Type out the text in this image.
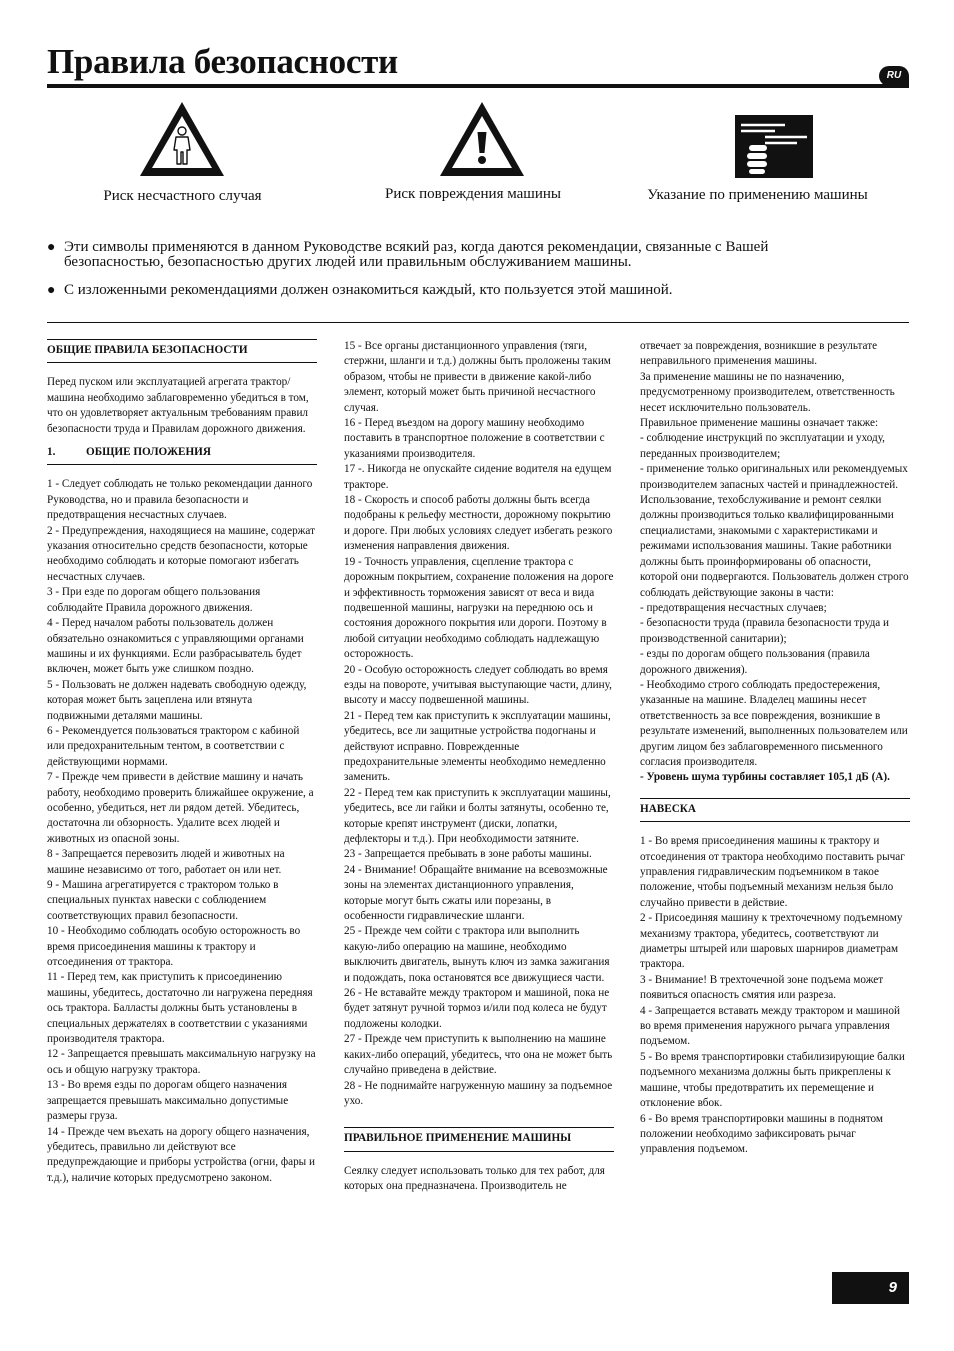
Правила безопасности	RU
Риск несчастного случая	Риск повреждения машины	Указание по применению машины
● Эти символы применяются в данном Руководстве всякий раз, когда даются рекомендации, связанные с Вашей безопасностью, безопасностью других людей или правильным обслуживанием машины.
● С изложенными рекомендациями должен ознакомиться каждый, кто пользуется этой машиной.
ОБЩИЕ ПРАВИЛА БЕЗОПАСНОСТИ

Перед пуском или эксплуатацией агрегата трактор/ машина необходимо заблаговременно убедиться в том, что он удовлетворяет актуальным требованиям правил безопасности труда и Правилам дорожного движения.

1.	ОБЩИЕ ПОЛОЖЕНИЯ

1 - Следует соблюдать не только рекомендации данного Руководства, но и правила безопасности и предотвращения несчастных случаев.

2 - Предупреждения, находящиеся на машине, содержат указания относительно средств безопасности, которые необходимо соблюдать и которые помогают избегать несчастных случаев.

3 - При езде по дорогам общего пользования соблюдайте Правила дорожного движения.

4 - Перед началом работы пользователь должен обязательно ознакомиться с управляющими органами машины и их функциями. Если разбрасыватель будет включен, может быть уже слишком поздно.

5 - Пользовать не должен надевать свободную одежду, которая может быть зацеплена или втянута подвижными деталями машины.

6 - Рекомендуется пользоваться трактором с кабиной или предохранительным тентом, в соответствии с действующими нормами.

7 - Прежде чем привести в действие машину и начать работу, необходимо проверить ближайшее окружение, а особенно, убедиться, нет ли рядом детей. Убедитесь, достаточна ли обзорность. Удалите всех людей и животных из опасной зоны.

8 - Запрещается перевозить людей и животных на машине независимо от того, работает он или нет.

9 - Машина агрегатируется с трактором только в специальных пунктах навески с соблюдением соответствующих правил безопасности.

10 - Необходимо соблюдать особую осторожность во время присоединения машины к трактору и отсоединения от трактора.

11 - Перед тем, как приступить к присоединению машины, убедитесь, достаточно ли нагружена передняя ось трактора. Балласты должны быть установлены в специальных держателях в соответствии с указаниями производителя трактора.

12 - Запрещается превышать максимальную нагрузку на ось и общую нагрузку трактора.

13 - Во время езды по дорогам общего назначения запрещается превышать максимально допустимые размеры груза.

14 - Прежде чем въехать на дорогу общего назначения, убедитесь, правильно ли действуют все предупреждающие и приборы устройства (огни, фары и т.д.), наличие которых предусмотрено законом.

15 - Все органы дистанционного управления (тяги, стержни, шланги и т.д.) должны быть проложены таким образом, чтобы не привести в движение какой-либо элемент, который может быть причиной несчастного случая.

16 - Перед въездом на дорогу машину необходимо поставить в транспортное положение в соответствии с указаниями производителя.

17 -. Никогда не опускайте сидение водителя на едущем тракторе.

18 - Скорость и способ работы должны быть всегда подобраны к рельефу местности, дорожному покрытию и дороге. При любых условиях следует избегать резкого изменения направления движения.

19 - Точность управления, сцепление трактора с дорожным покрытием, сохранение положения на дороге и эффективность торможения зависят от веса и вида подвешенной машины, нагрузки на переднюю ось и состояния дорожного покрытия или дороги. Поэтому в любой ситуации необходимо соблюдать надлежащую осторожность.

20 - Особую осторожность следует соблюдать во время езды на повороте, учитывая выступающие части, длину, высоту и массу подвешенной машины.

21 - Перед тем как приступить к эксплуатации машины, убедитесь, все ли защитные устройства подогнаны и действуют исправно. Поврежденные предохранительные элементы необходимо немедленно заменить.

22 - Перед тем как приступить к эксплуатации машины, убедитесь, все ли гайки и болты затянуты, особенно те, которые крепят инструмент (диски, лопатки, дефлекторы и т.д.). При необходимости затяните.

23 - Запрещается пребывать в зоне работы машины.

24 - Внимание! Обращайте внимание на всевозможные зоны на элементах дистанционного управления, которые могут быть сжаты или порезаны, в особенности гидравлические шланги.

25 - Прежде чем сойти с трактора или выполнить какую-либо операцию на машине, необходимо выключить двигатель, вынуть ключ из замка зажигания и подождать, пока остановятся все движущиеся части.

26 - Не вставайте между трактором и машиной, пока не будет затянут ручной тормоз и/или под колеса не будут подложены колодки.

27 - Прежде чем приступить к выполнению на машине каких-либо операций, убедитесь, что она не может быть случайно приведена в действие.

28 - Не поднимайте нагруженную машину за подъемное ухо.

ПРАВИЛЬНОЕ ПРИМЕНЕНИЕ МАШИНЫ

Сеялку следует использовать только для тех работ, для которых она предназначена. Производитель не

отвечает за повреждения, возникшие в результате неправильного применения машины.

За применение машины не по назначению, предусмотренному производителем, ответственность несет исключительно пользователь.

Правильное применение машины означает также:

- соблюдение инструкций по эксплуатации и уходу, переданных производителем;

- применение только оригинальных или рекомендуемых производителем запасных частей и принадлежностей.

Использование, техобслуживание и ремонт сеялки должны производиться только квалифицированными специалистами, знакомыми с характеристиками и режимами использования машины. Такие работники должны быть проинформированы об опасности, которой они подвергаются. Пользователь должен строго соблюдать действующие законы в части:

- предотвращения несчастных случаев;

- безопасности труда (правила безопасности труда и производственной санитарии);

- езды по дорогам общего пользования (правила дорожного движения).

- Необходимо строго соблюдать предостережения, указанные на машине. Владелец машины несет ответственность за все повреждения, возникшие в результате изменений, выполненных пользователем или другим лицом без заблаговременного письменного согласия производителя.

- Уровень шума турбины составляет 105,1 дБ (А).

НАВЕСКА

1 - Во время присоединения машины к трактору и отсоединения от трактора необходимо поставить рычаг управления гидравлическим подъемником в такое положение, чтобы подъемный механизм нельзя было случайно привести в действие.

2 - Присоединяя машину к трехточечному подъемному механизму трактора, убедитесь, соответствуют ли диаметры штырей или шаровых шарниров диаметрам трактора.

3 - Внимание! В трехточечной зоне подъема может появиться опасность смятия или разреза.

4 - Запрещается вставать между трактором и машиной во время применения наружного рычага управления подъемом.

5 - Во время транспортировки стабилизирующие балки подъемного механизма должны быть прикреплены к машине, чтобы предотвратить их перемещение и отклонение вбок.

6 - Во время транспортировки машины в поднятом положении необходимо зафиксировать рычаг управления подъемом.

9
